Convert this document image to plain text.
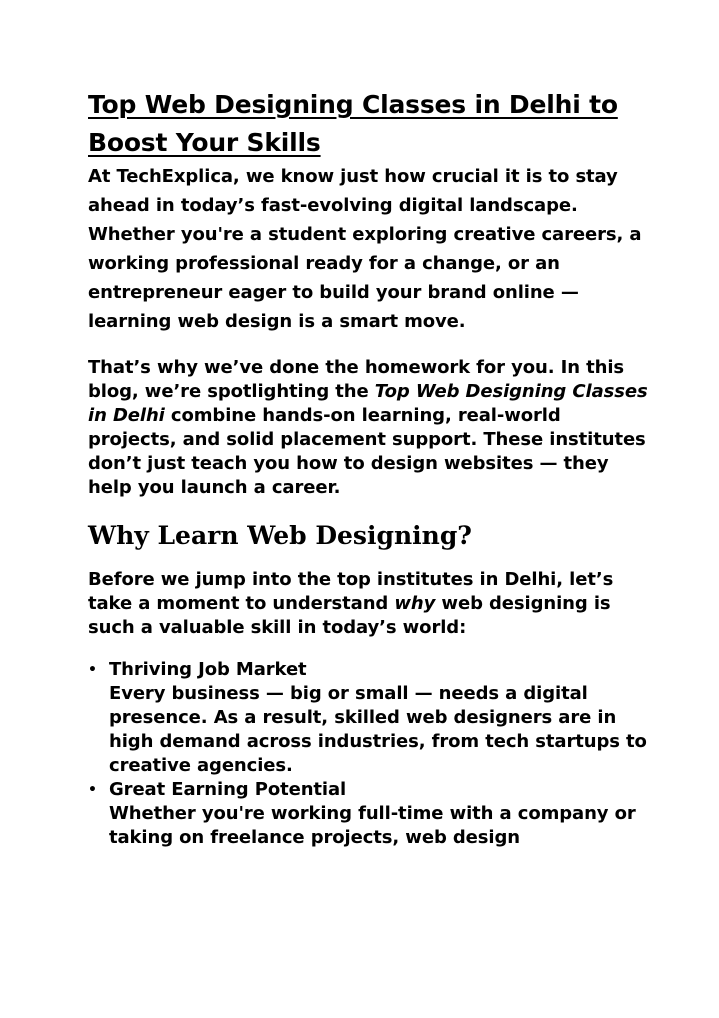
Top Web Designing Classes in Delhi to Boost Your Skills

At TechExplica, we know just how crucial it is to stay ahead in today’s fast-evolving digital landscape. Whether you're a student exploring creative careers, a working professional ready for a change, or an entrepreneur eager to build your brand online — learning web design is a smart move.

That’s why we’ve done the homework for you. In this blog, we’re spotlighting the Top Web Designing Classes in Delhi combine hands-on learning, real-world projects, and solid placement support. These institutes don’t just teach you how to design websites — they help you launch a career.

Why Learn Web Designing?

Before we jump into the top institutes in Delhi, let’s take a moment to understand why web designing is such a valuable skill in today’s world:

• Thriving Job Market
Every business — big or small — needs a digital presence. As a result, skilled web designers are in high demand across industries, from tech startups to creative agencies.
• Great Earning Potential
Whether you're working full-time with a company or taking on freelance projects, web design
